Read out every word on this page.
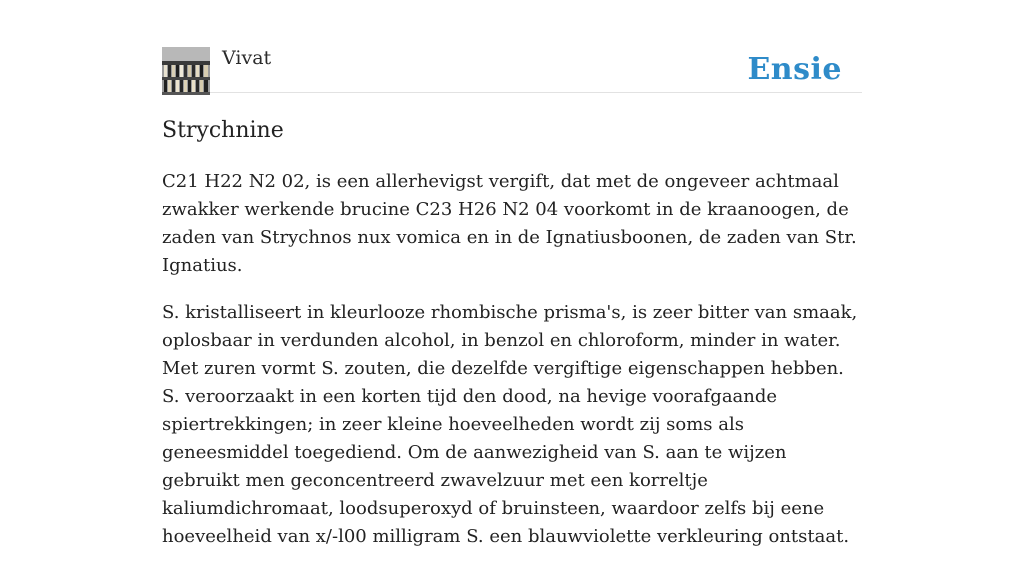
Vivat	Ensie
Strychnine

C21 H22 N2 02, is een allerhevigst vergift, dat met de ongeveer achtmaal zwakker werkende brucine C23 H26 N2 04 voorkomt in de kraanoogen, de zaden van Strychnos nux vomica en in de Ignatiusboonen, de zaden van Str. Ignatius.

S. kristalliseert in kleurlooze rhombische prisma's, is zeer bitter van smaak, oplosbaar in verdunden alcohol, in benzol en chloroform, minder in water. Met zuren vormt S. zouten, die dezelfde vergiftige eigenschappen hebben. S. veroorzaakt in een korten tijd den dood, na hevige voorafgaande spiertrekkingen; in zeer kleine hoeveelheden wordt zij soms als geneesmiddel toegediend. Om de aanwezigheid van S. aan te wijzen gebruikt men geconcentreerd zwavelzuur met een korreltje kaliumdichromaat, loodsuperoxyd of bruinsteen, waardoor zelfs bij eene hoeveelheid van x/-l00 milligram S. een blauwviolette verkleuring ontstaat.
